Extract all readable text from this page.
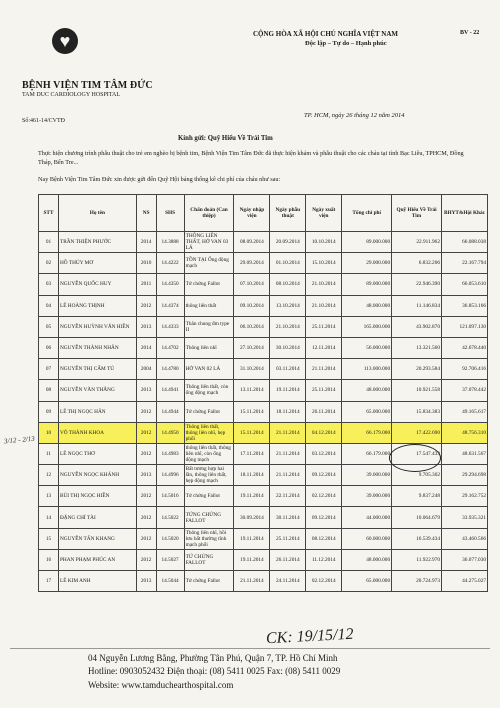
♥
BỆNH VIỆN TIM TÂM ĐỨC
TAM DUC CARDIOLOGY HOSPITAL
Số:461-14/CVTĐ
CỘNG HÒA XÃ HỘI CHỦ NGHĨA VIỆT NAM	BV - 22
Độc lập – Tự do – Hạnh phúc
TP. HCM, ngày 26 tháng 12 năm 2014
Kính gửi: Quỹ Hiểu Về Trái Tim
Thực hiện chương trình phẫu thuật cho trẻ em nghèo bị bệnh tim, Bệnh Viện Tim Tâm Đức đã thực hiện khám và phẫu thuật cho các cháu tại tỉnh Bạc Liêu, TPHCM, Đồng Tháp, Bến Tre...
Nay Bệnh Viện Tim Tâm Đức xin được gửi đến Quỹ Hội bảng thống kê chi phí của cháu như sau:
STT	Họ tên	NS	SHS	Chẩn đoán (Can thiệp)	Ngày nhập viện	Ngày phẫu thuật	Ngày xuất viện	Tổng chi phí	Quỹ Hiểu Về Trái Tim	BHYT&Hội Khác
01	TRẦN THIỆN PHƯỚC	2014	14.3888	THÔNG LIÊN THẤT, HỞ VAN 03 LÁ	08.09.2014	20.09.2014	10.10.2014	89.000.000	22.911.962	66.088.038
02	HỒ THÚY MƠ	2010	14.4222	TỒN TẠI Ống động mạch	29.09.2014	01.10.2014	15.10.2014	29.000.000	6.832.206	22.167.794
03	NGUYỄN QUỐC HUY	2011	14.4350	Tứ chứng Fallot	07.10.2014	08.10.2014	21.10.2014	89.000.000	22.946.390	66.053.610
04	LÊ HOÀNG THỊNH	2012	14.4374	thông liên thất	09.10.2014	13.10.2014	21.10.2014	48.000.000	11.146.834	36.853.166
05	NGUYỄN HUỲNH VĂN HIỀN	2013	14.4333	Thân chung đm type II	06.10.2014	21.10.2014	25.11.2014	165.000.000	43.902.870	121.097.130
06	NGUYỄN THÀNH NHÂN	2014	14.4702	Thông liên nhĩ	27.10.2014	30.10.2014	12.11.2014	56.000.000	13.321.560	42.678.440
07	NGUYỄN THỊ CẨM TÚ	2004	14.4780	HỞ VAN 02 LÁ	31.10.2014	03.11.2014	21.11.2014	113.000.000	20.293.584	92.706.416
08	NGUYỄN VĂN THẮNG	2013	14.4941	Thông liên thất, còn ống động mạch	13.11.2014	19.11.2014	25.11.2014	48.000.000	10.921.558	37.078.442
09	LÊ THỊ NGỌC HÂN	2012	14.4944	Tứ chứng Fallot	15.11.2014	18.11.2014	26.11.2014	65.000.000	15.834.383	49.165.617
10	VÕ THÀNH KHOA	2012	14.4950	Thông liên thất, thông liên nhĩ, hẹp phổi	15.11.2014	21.11.2014	04.12.2014	66.179.000	17.422.690	48.756.310
11	LÊ NGỌC THƠ	2012	14.4983	thông liên thất, thông liên nhĩ, còn ống động mạch	17.11.2014	21.11.2014	03.12.2014	66.179.000	17.547.433	48.631.567
12	NGUYỄN NGỌC KHÁNH	2013	14.4996	Bất tương hợp hai lần, thông liên thất, hẹp động mạch	18.11.2014	21.11.2014	09.12.2014	39.000.000	9.705.302	29.294.698
13	BÙI THỊ NGỌC HIỀN	2012	14.5016	Tứ chứng Fallot	19.11.2014	22.11.2014	02.12.2014	39.000.000	9.837.248	29.162.752
14	ĐẶNG CHÍ TÀI	2012	14.5022	TỨNG CHỨNG FALLOT	30.09.2014	30.11.2014	09.12.2014	44.000.000	10.064.679	33.935.321
15	NGUYỄN TẤN KHANG	2012	14.5020	Thông liên nhĩ, hồi lưu bất thường tĩnh mạch phổi	19.11.2014	25.11.2014	08.12.2014	60.000.000	16.539.434	43.460.566
16	PHAN PHẠM PHÚC AN	2012	14.5027	TỨ CHỨNG FALLOT	19.11.2014	26.11.2014	11.12.2014	48.000.000	11.922.970	36.077.030
17	LÊ KIM ANH	2013	14.5044	Tứ chứng Fallot	21.11.2014	24.11.2014	02.12.2014	65.000.000	20.724.973	44.275.027
3/12 - 2/13
CK: 19/15/12
04 Nguyễn Lương Bằng, Phường Tân Phú, Quận 7, TP. Hồ Chí Minh
Hotline: 0903052432 Điện thoại: (08) 5411 0025 Fax: (08) 5411 0029
Website: www.tamduchearthospital.com
